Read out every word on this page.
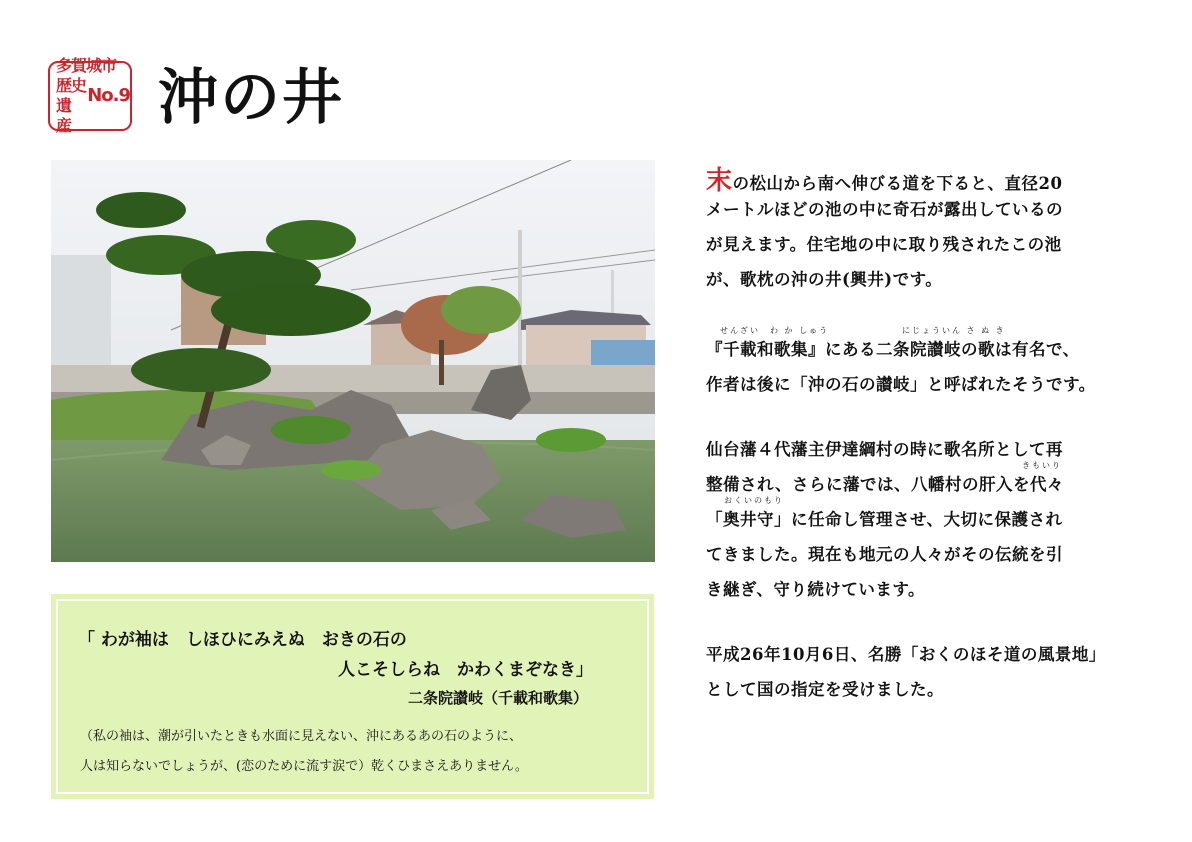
多賀城市
歴史
遺産
No.9 沖の井
「 わが袖は　しほひにみえぬ　おきの石の
人こそしらね　かわくまぞなき」
二条院讃岐（千載和歌集）
（私の袖は、潮が引いたときも水面に見えない、沖にあるあの石のように、
人は知らないでしょうが、(恋のために流す涙で）乾くひまさえありません。
末の松山から南へ伸びる道を下ると、直径20
メートルほどの池の中に奇石が露出しているの
が見えます。住宅地の中に取り残されたこの池
が、歌枕の沖の井(興井)です。
せんざい　わ か しゅう	にじょういん さ ぬ き
『千載和歌集』にある二条院讃岐の歌は有名で、
作者は後に「沖の石の讃岐」と呼ばれたそうです。
仙台藩４代藩主伊達綱村の時に歌名所として再
きもいり
整備され、さらに藩では、八幡村の肝入を代々
おくいのもり
「奥井守」に任命し管理させ、大切に保護され
てきました。現在も地元の人々がその伝統を引
き継ぎ、守り続けています。
平成26年10月6日、名勝「おくのほそ道の風景地」
として国の指定を受けました。
